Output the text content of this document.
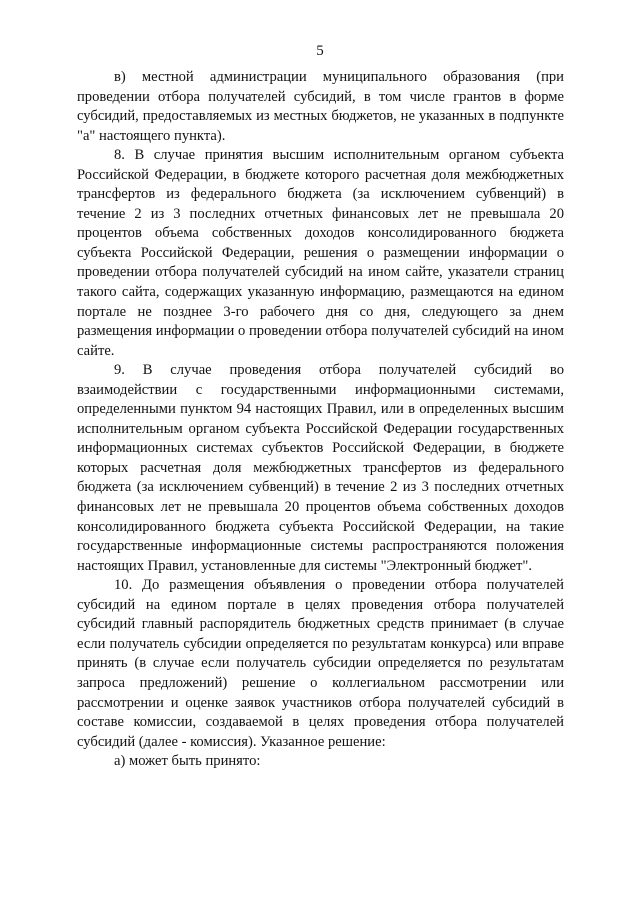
5

в) местной администрации муниципального образования (при проведении отбора получателей субсидий, в том числе грантов в форме субсидий, предоставляемых из местных бюджетов, не указанных в подпункте "а" настоящего пункта).

8. В случае принятия высшим исполнительным органом субъекта Российской Федерации, в бюджете которого расчетная доля межбюджетных трансфертов из федерального бюджета (за исключением субвенций) в течение 2 из 3 последних отчетных финансовых лет не превышала 20 процентов объема собственных доходов консолидированного бюджета субъекта Российской Федерации, решения о размещении информации о проведении отбора получателей субсидий на ином сайте, указатели страниц такого сайта, содержащих указанную информацию, размещаются на едином портале не позднее 3-го рабочего дня со дня, следующего за днем размещения информации о проведении отбора получателей субсидий на ином сайте.

9. В случае проведения отбора получателей субсидий во взаимодействии с государственными информационными системами, определенными пунктом 94 настоящих Правил, или в определенных высшим исполнительным органом субъекта Российской Федерации государственных информационных системах субъектов Российской Федерации, в бюджете которых расчетная доля межбюджетных трансфертов из федерального бюджета (за исключением субвенций) в течение 2 из 3 последних отчетных финансовых лет не превышала 20 процентов объема собственных доходов консолидированного бюджета субъекта Российской Федерации, на такие государственные информационные системы распространяются положения настоящих Правил, установленные для системы "Электронный бюджет".

10. До размещения объявления о проведении отбора получателей субсидий на едином портале в целях проведения отбора получателей субсидий главный распорядитель бюджетных средств принимает (в случае если получатель субсидии определяется по результатам конкурса) или вправе принять (в случае если получатель субсидии определяется по результатам запроса предложений) решение о коллегиальном рассмотрении или рассмотрении и оценке заявок участников отбора получателей субсидий в составе комиссии, создаваемой в целях проведения отбора получателей субсидий (далее - комиссия). Указанное решение:

а) может быть принято:
